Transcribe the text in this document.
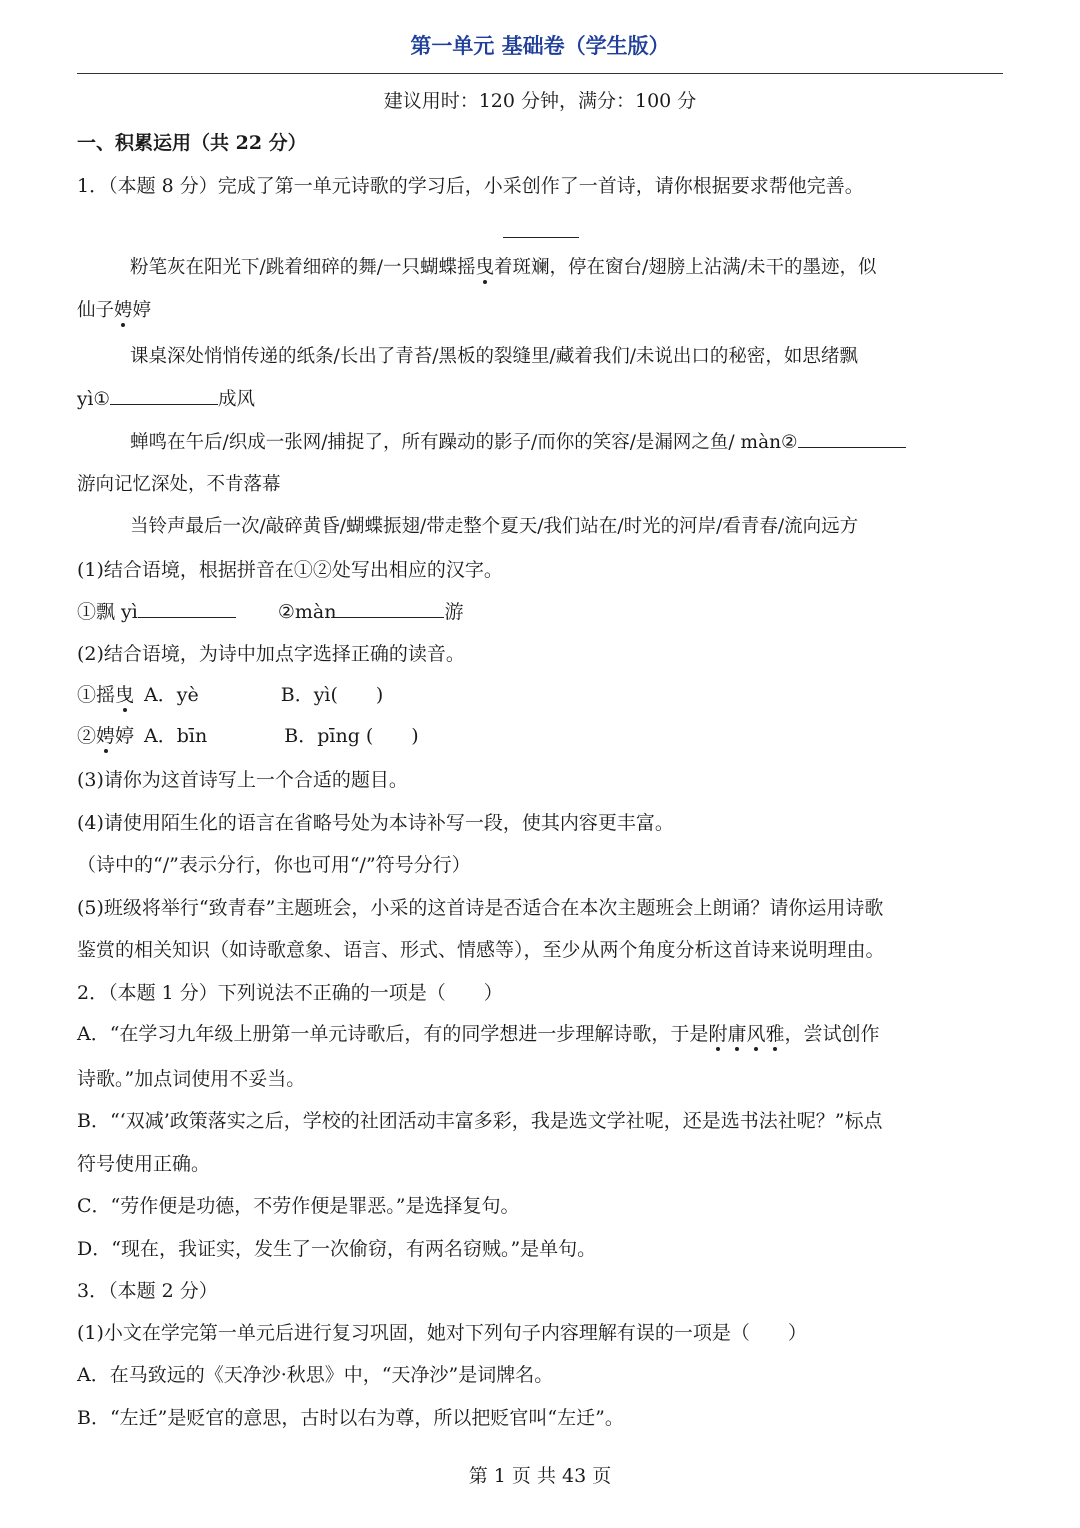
第一单元 基础卷（学生版）
建议用时：120 分钟，满分：100 分
一、积累运用（共 22 分）
1．（本题 8 分）完成了第一单元诗歌的学习后，小采创作了一首诗，请你根据要求帮他完善。
粉笔灰在阳光下/跳着细碎的舞/一只蝴蝶摇曳着斑斓，停在窗台/翅膀上沾满/未干的墨迹，似
仙子娉婷
课桌深处悄悄传递的纸条/长出了青苔/黑板的裂缝里/藏着我们/未说出口的秘密，如思绪飘
yì①	成风
蝉鸣在午后/织成一张网/捕捉了，所有躁动的影子/而你的笑容/是漏网之鱼/ màn②
游向记忆深处，不肯落幕
当铃声最后一次/敲碎黄昏/蝴蝶振翅/带走整个夏天/我们站在/时光的河岸/看青春/流向远方
(1)结合语境，根据拼音在①②处写出相应的汉字。
①飘 yì	②màn	游
(2)结合语境，为诗中加点字选择正确的读音。
①摇曳 A．yè	B．yì(　　)
②娉婷 A．bīn	B．pīng (　　)
(3)请你为这首诗写上一个合适的题目。
(4)请使用陌生化的语言在省略号处为本诗补写一段，使其内容更丰富。
（诗中的“/”表示分行，你也可用“/”符号分行）
(5)班级将举行“致青春”主题班会，小采的这首诗是否适合在本次主题班会上朗诵？请你运用诗歌
鉴赏的相关知识（如诗歌意象、语言、形式、情感等），至少从两个角度分析这首诗来说明理由。
2．（本题 1 分）下列说法不正确的一项是（　　）
A．“在学习九年级上册第一单元诗歌后，有的同学想进一步理解诗歌，于是附庸风雅，尝试创作
诗歌。”加点词使用不妥当。
B．“‘双减’政策落实之后，学校的社团活动丰富多彩，我是选文学社呢，还是选书法社呢？”标点
符号使用正确。
C．“劳作便是功德，不劳作便是罪恶。”是选择复句。
D．“现在，我证实，发生了一次偷窃，有两名窃贼。”是单句。
3．（本题 2 分）
(1)小文在学完第一单元后进行复习巩固，她对下列句子内容理解有误的一项是（　　）
A．在马致远的《天净沙·秋思》中，“天净沙”是词牌名。
B．“左迁”是贬官的意思，古时以右为尊，所以把贬官叫“左迁”。
第 1 页 共 43 页
